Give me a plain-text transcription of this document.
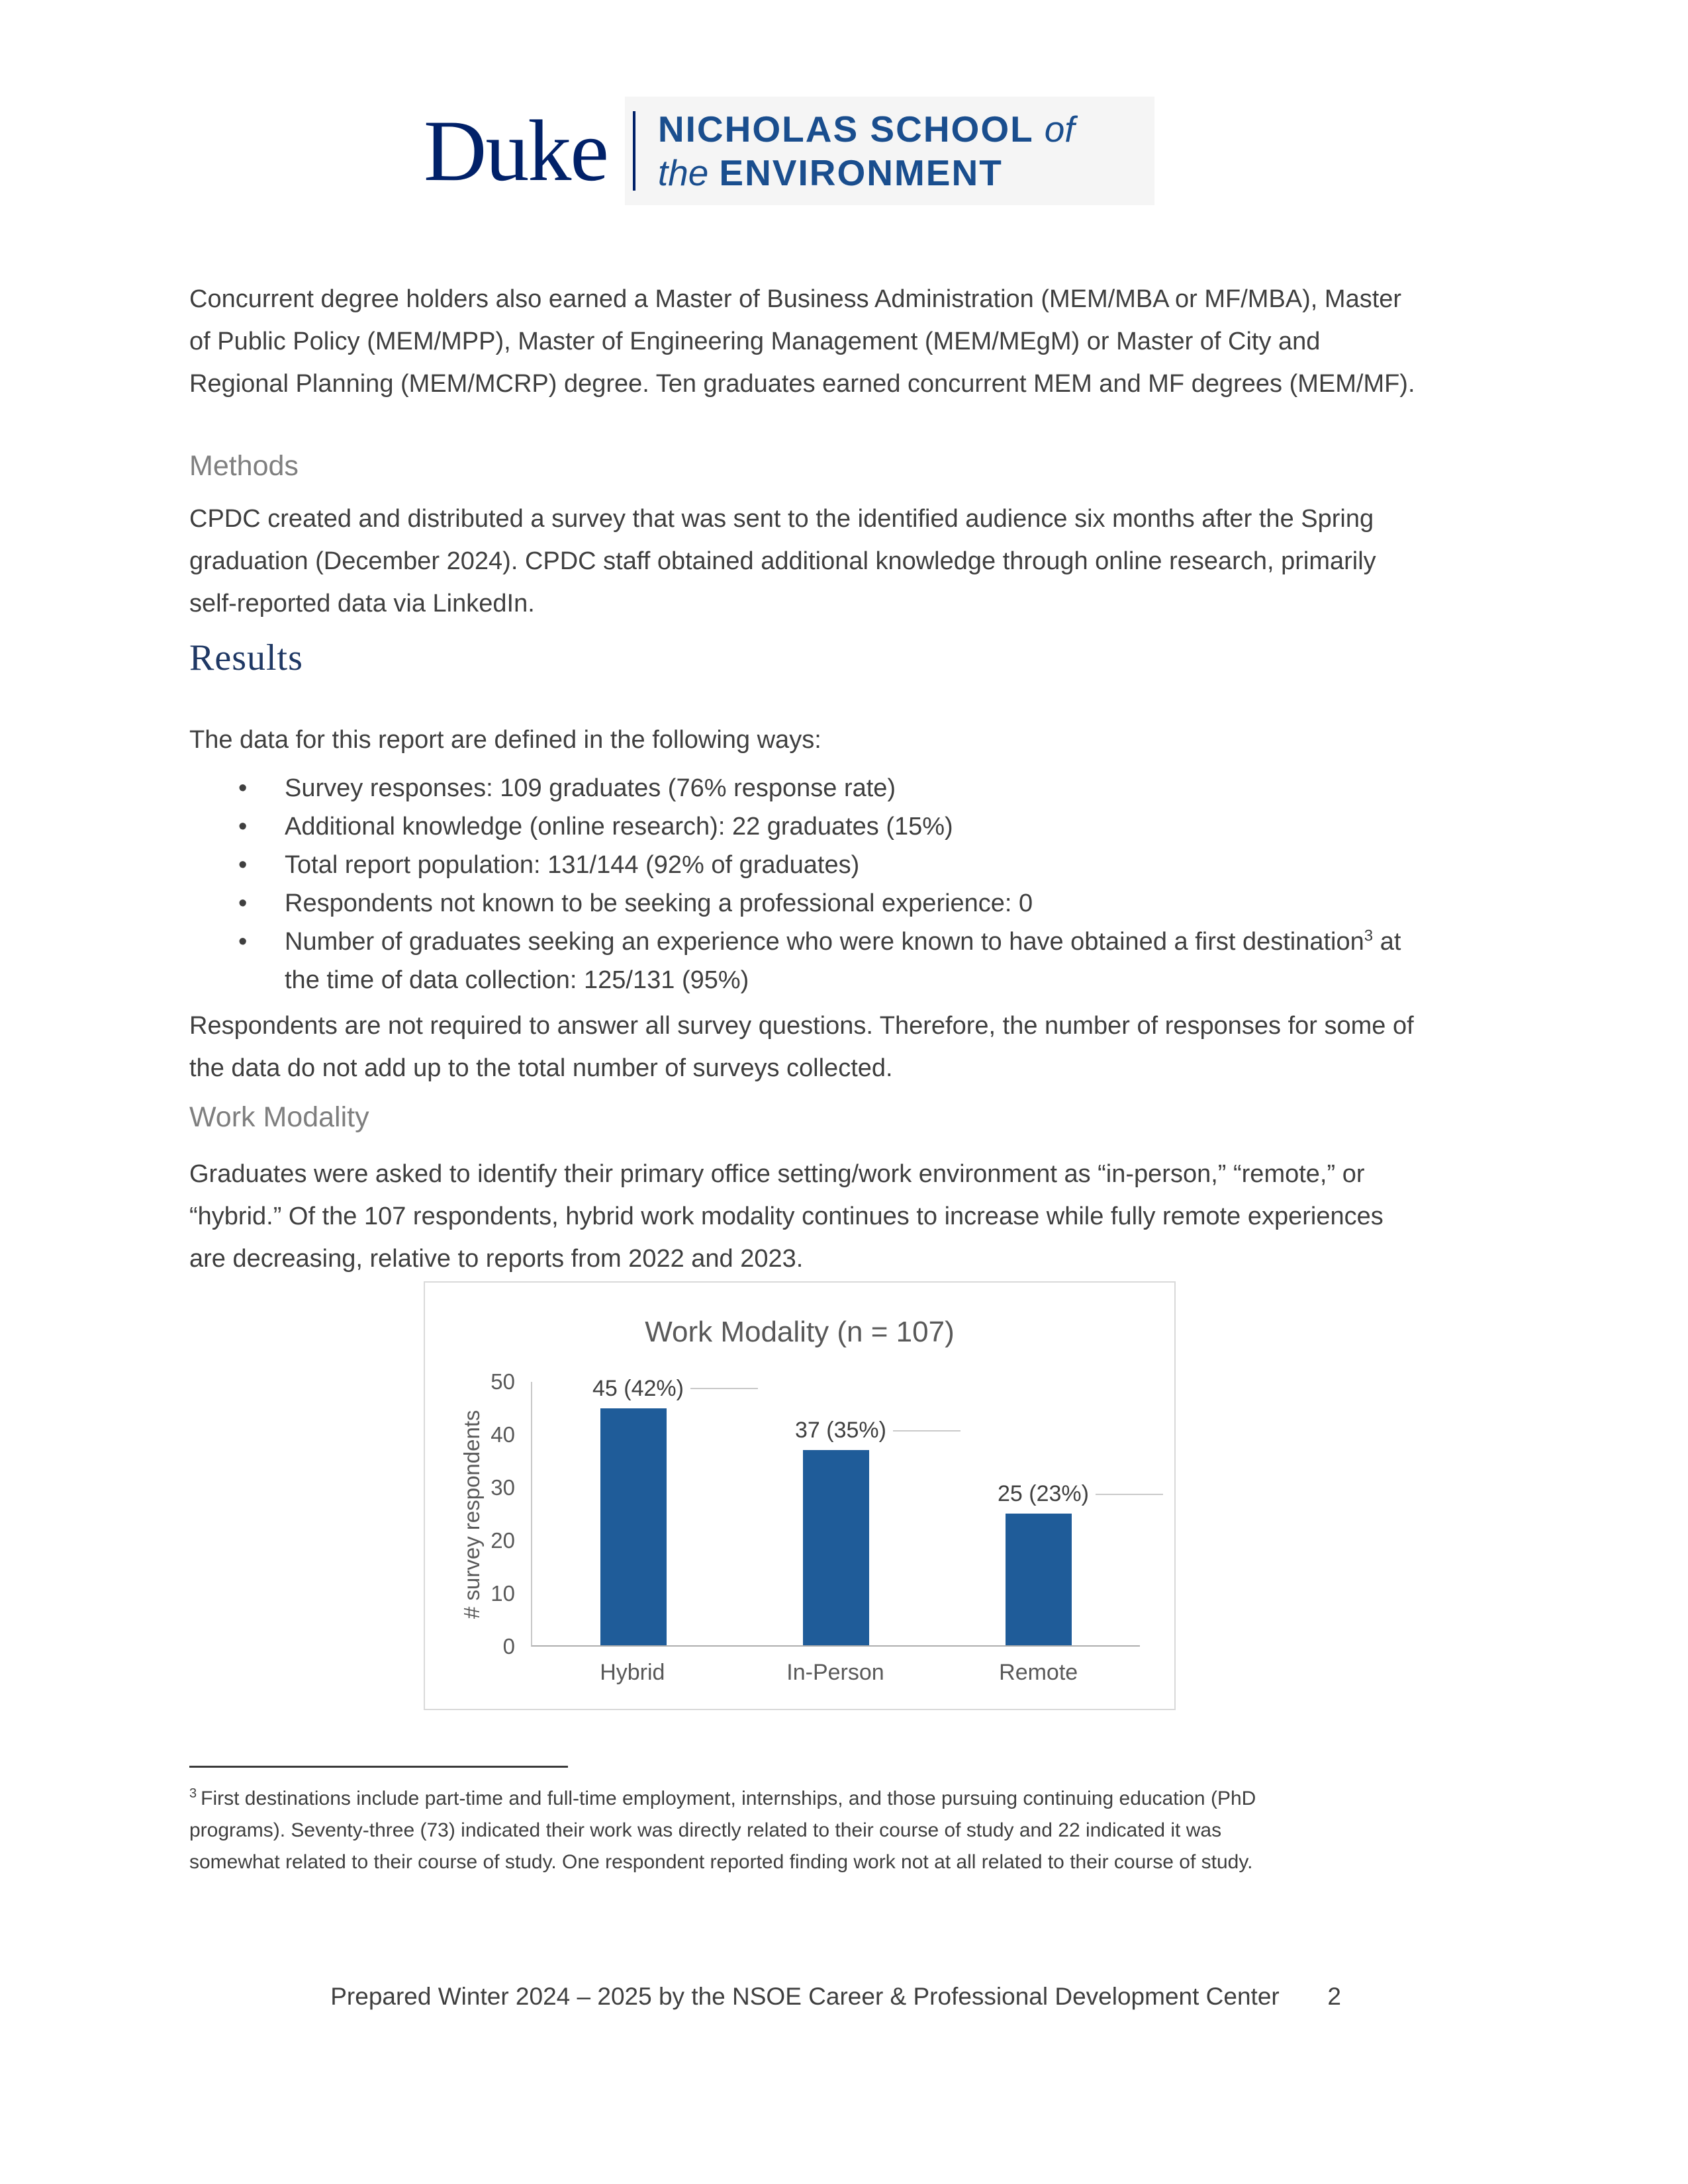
Duke	NICHOLAS SCHOOL of
the ENVIRONMENT

Concurrent degree holders also earned a Master of Business Administration (MEM/MBA or MF/MBA), Master of Public Policy (MEM/MPP), Master of Engineering Management (MEM/MEgM) or Master of City and Regional Planning (MEM/MCRP) degree. Ten graduates earned concurrent MEM and MF degrees (MEM/MF).

Methods

CPDC created and distributed a survey that was sent to the identified audience six months after the Spring graduation (December 2024). CPDC staff obtained additional knowledge through online research, primarily self-reported data via LinkedIn.

Results

The data for this report are defined in the following ways:

• Survey responses: 109 graduates (76% response rate)
• Additional knowledge (online research): 22 graduates (15%)
• Total report population: 131/144 (92% of graduates)
• Respondents not known to be seeking a professional experience: 0
• Number of graduates seeking an experience who were known to have obtained a first destination$^3$ at the time of data collection: 125/131 (95%)

Respondents are not required to answer all survey questions. Therefore, the number of responses for some of the data do not add up to the total number of surveys collected.

Work Modality

Graduates were asked to identify their primary office setting/work environment as “in-person,” “remote,” or “hybrid.” Of the 107 respondents, hybrid work modality continues to increase while fully remote experiences are decreasing, relative to reports from 2022 and 2023.

Work Modality (n = 107)
# survey respondents
50
40
30
20
10
0
45 (42%)
37 (35%)
25 (23%)
Hybrid	In-Person	Remote

$^3$ First destinations include part-time and full-time employment, internships, and those pursuing continuing education (PhD programs). Seventy-three (73) indicated their work was directly related to their course of study and 22 indicated it was somewhat related to their course of study. One respondent reported finding work not at all related to their course of study.

Prepared Winter 2024 – 2025 by the NSOE Career & Professional Development Center	2
